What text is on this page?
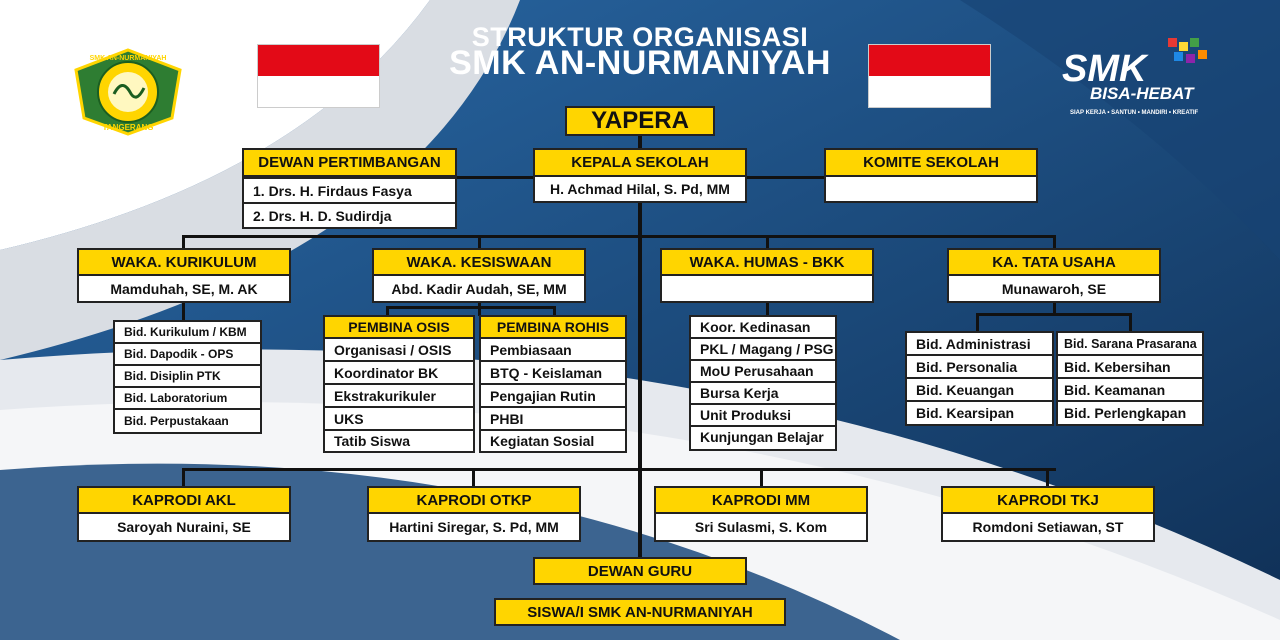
SMK AN-NURMANIYAH
TANGERANG
SMK
BISA-HEBAT
SIAP KERJA • SANTUN • MANDIRI • KREATIF
STRUKTUR ORGANISASI
SMK AN-NURMANIYAH
YAPERA
DEWAN PERTIMBANGAN
1. Drs. H. Firdaus Fasya
2. Drs. H. D. Sudirdja
KEPALA SEKOLAH
H. Achmad Hilal, S. Pd, MM
KOMITE SEKOLAH
WAKA. KURIKULUM
Mamduhah, SE, M. AK
Bid. Kurikulum / KBM
Bid. Dapodik - OPS
Bid. Disiplin PTK
Bid. Laboratorium
Bid. Perpustakaan
WAKA. KESISWAAN
Abd. Kadir Audah, SE, MM
PEMBINA OSIS
Organisasi / OSIS
Koordinator BK
Ekstrakurikuler
UKS
Tatib Siswa
PEMBINA ROHIS
Pembiasaan
BTQ - Keislaman
Pengajian Rutin
PHBI
Kegiatan Sosial
WAKA. HUMAS - BKK
Koor. Kedinasan
PKL / Magang / PSG
MoU Perusahaan
Bursa Kerja
Unit Produksi
Kunjungan Belajar
KA. TATA USAHA
Munawaroh, SE
Bid. Administrasi
Bid. Personalia
Bid. Keuangan
Bid. Kearsipan
Bid. Sarana Prasarana
Bid. Kebersihan
Bid. Keamanan
Bid. Perlengkapan
KAPRODI AKL
Saroyah Nuraini, SE
KAPRODI OTKP
Hartini Siregar, S. Pd, MM
KAPRODI MM
Sri Sulasmi, S. Kom
KAPRODI TKJ
Romdoni Setiawan, ST
DEWAN GURU
SISWA/I SMK AN-NURMANIYAH
